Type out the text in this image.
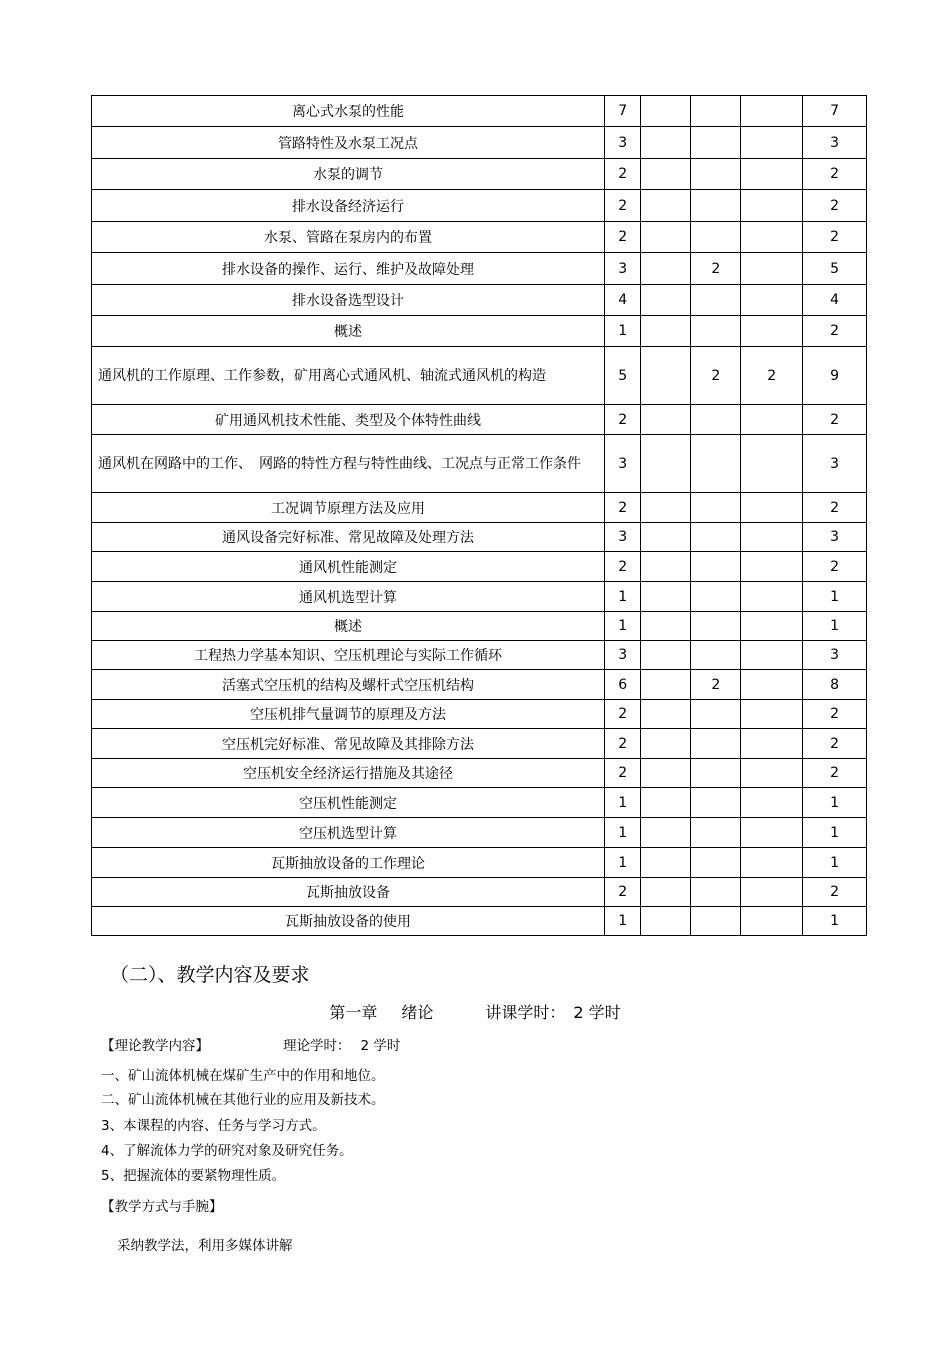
离心式水泵的性能	7				7
管路特性及水泵工况点	3				3
水泵的调节	2				2
排水设备经济运行	2				2
水泵、管路在泵房内的布置	2				2
排水设备的操作、运行、维护及故障处理	3		2		5
排水设备选型设计	4				4
概述	1				2
通风机的工作原理、工作参数，矿用离心式通风机、轴流式通风机的构造	5		2	2	9
矿用通风机技术性能、类型及个体特性曲线	2				2
通风机在网路中的工作、　网路的特性方程与特性曲线、工况点与正常工作条件	3				3
工况调节原理方法及应用	2				2
通风设备完好标准、常见故障及处理方法	3				3
通风机性能测定	2				2
通风机选型计算	1				1
概述	1				1
工程热力学基本知识、空压机理论与实际工作循环	3				3
活塞式空压机的结构及螺杆式空压机结构	6		2		8
空压机排气量调节的原理及方法	2				2
空压机完好标准、常见故障及其排除方法	2				2
空压机安全经济运行措施及其途径	2				2
空压机性能测定	1				1
空压机选型计算	1				1
瓦斯抽放设备的工作理论	1				1
瓦斯抽放设备	2				2
瓦斯抽放设备的使用	1				1
（二）、教学内容及要求
第一章 绪论	讲课学时： 2 学时
【理论教学内容】	理论学时： 2 学时
一、矿山流体机械在煤矿生产中的作用和地位。
二、矿山流体机械在其他行业的应用及新技术。
3、本课程的内容、任务与学习方式。
4、了解流体力学的研究对象及研究任务。
5、把握流体的要紧物理性质。
【教学方式与手腕】
采纳教学法，利用多媒体讲解
